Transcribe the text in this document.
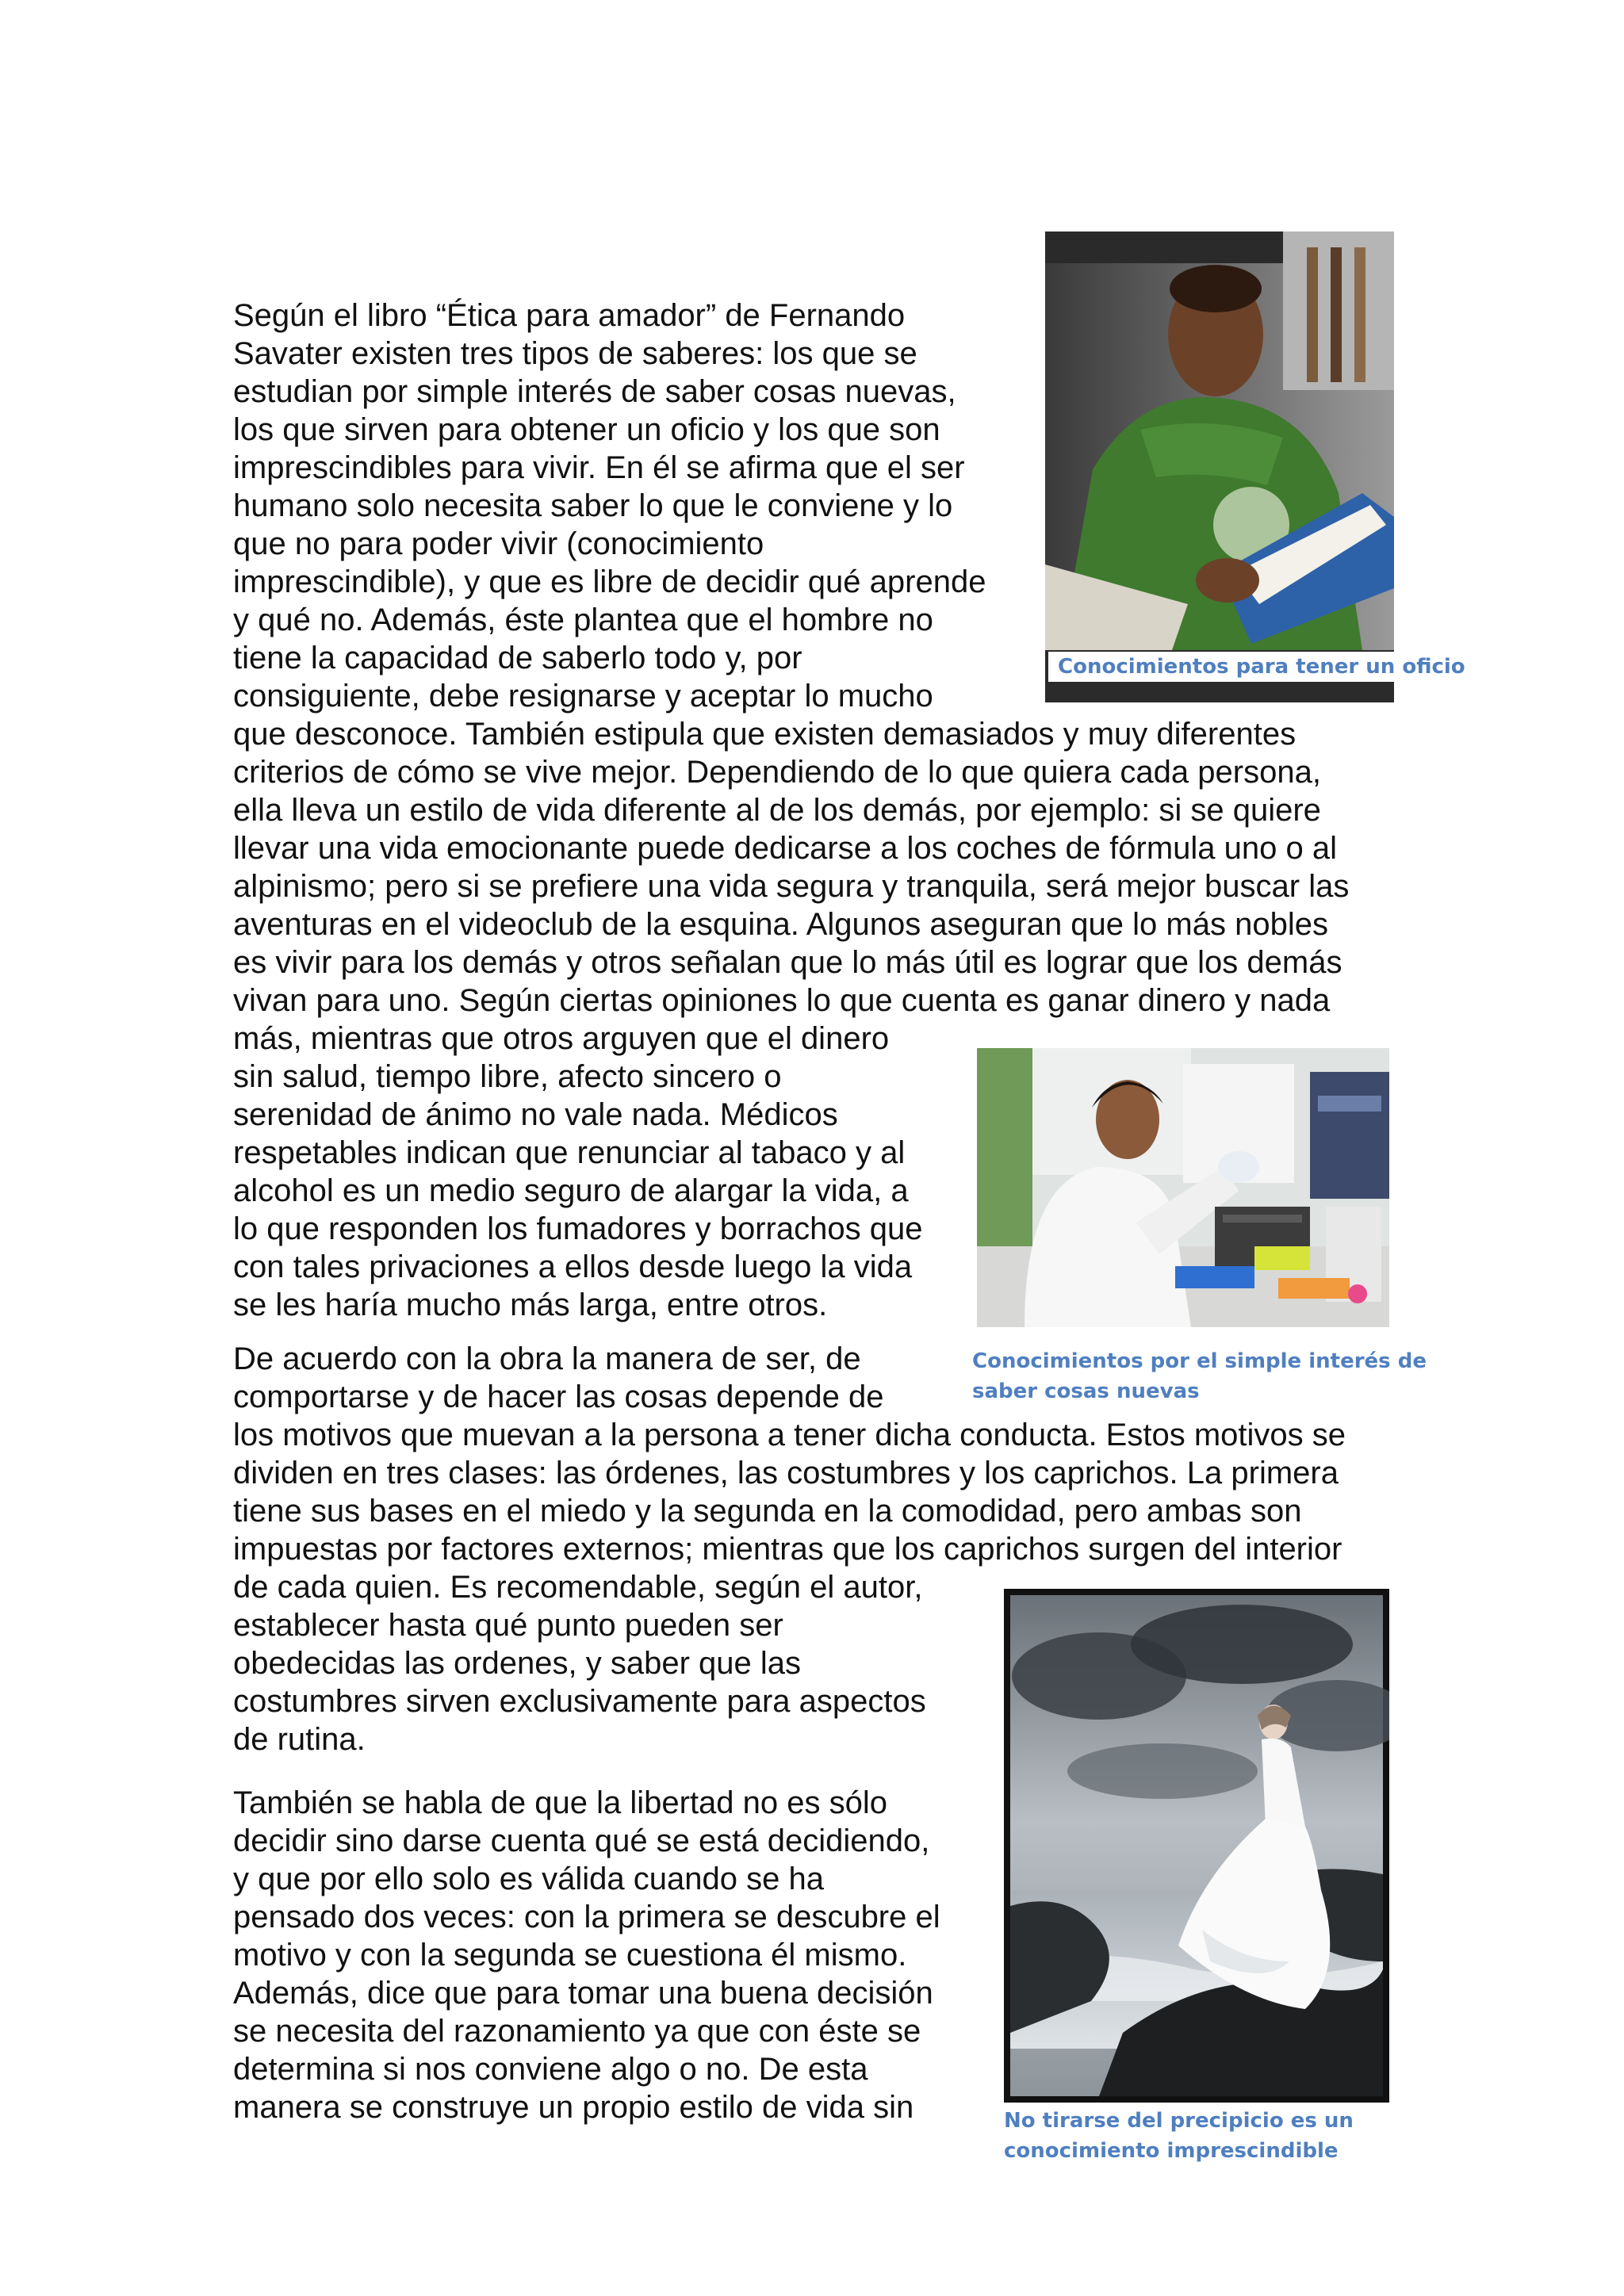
Según el libro “Ética para amador” de Fernando
Savater existen tres tipos de saberes: los que se
estudian por simple interés de saber cosas nuevas,
los que sirven para obtener un oficio y los que son
imprescindibles para vivir. En él se afirma que el ser
humano solo necesita saber lo que le conviene y lo
que no para poder vivir (conocimiento
imprescindible), y que es libre de decidir qué aprende
y qué no. Además, éste plantea que el hombre no
tiene la capacidad de saberlo todo y, por
consiguiente, debe resignarse y aceptar lo mucho
que desconoce. También estipula que existen demasiados y muy diferentes
criterios de cómo se vive mejor. Dependiendo de lo que quiera cada persona,
ella lleva un estilo de vida diferente al de los demás, por ejemplo: si se quiere
llevar una vida emocionante puede dedicarse a los coches de fórmula uno o al
alpinismo; pero si se prefiere una vida segura y tranquila, será mejor buscar las
aventuras en el videoclub de la esquina. Algunos aseguran que lo más nobles
es vivir para los demás y otros señalan que lo más útil es lograr que los demás
vivan para uno. Según ciertas opiniones lo que cuenta es ganar dinero y nada
más, mientras que otros arguyen que el dinero
sin salud, tiempo libre, afecto sincero o
serenidad de ánimo no vale nada. Médicos
respetables indican que renunciar al tabaco y al
alcohol es un medio seguro de alargar la vida, a
lo que responden los fumadores y borrachos que
con tales privaciones a ellos desde luego la vida
se les haría mucho más larga, entre otros.

De acuerdo con la obra la manera de ser, de
comportarse y de hacer las cosas depende de
los motivos que muevan a la persona a tener dicha conducta. Estos motivos se
dividen en tres clases: las órdenes, las costumbres y los caprichos. La primera
tiene sus bases en el miedo y la segunda en la comodidad, pero ambas son
impuestas por factores externos; mientras que los caprichos surgen del interior
de cada quien. Es recomendable, según el autor,
establecer hasta qué punto pueden ser
obedecidas las ordenes, y saber que las
costumbres sirven exclusivamente para aspectos
de rutina.

También se habla de que la libertad no es sólo
decidir sino darse cuenta qué se está decidiendo,
y que por ello solo es válida cuando se ha
pensado dos veces: con la primera se descubre el
motivo y con la segunda se cuestiona él mismo.
Además, dice que para tomar una buena decisión
se necesita del razonamiento ya que con éste se
determina si nos conviene algo o no. De esta
manera se construye un propio estilo de vida sin

Conocimientos para tener un oficio
Conocimientos por el simple interés de
saber cosas nuevas
No tirarse del precipicio es un
conocimiento imprescindible
